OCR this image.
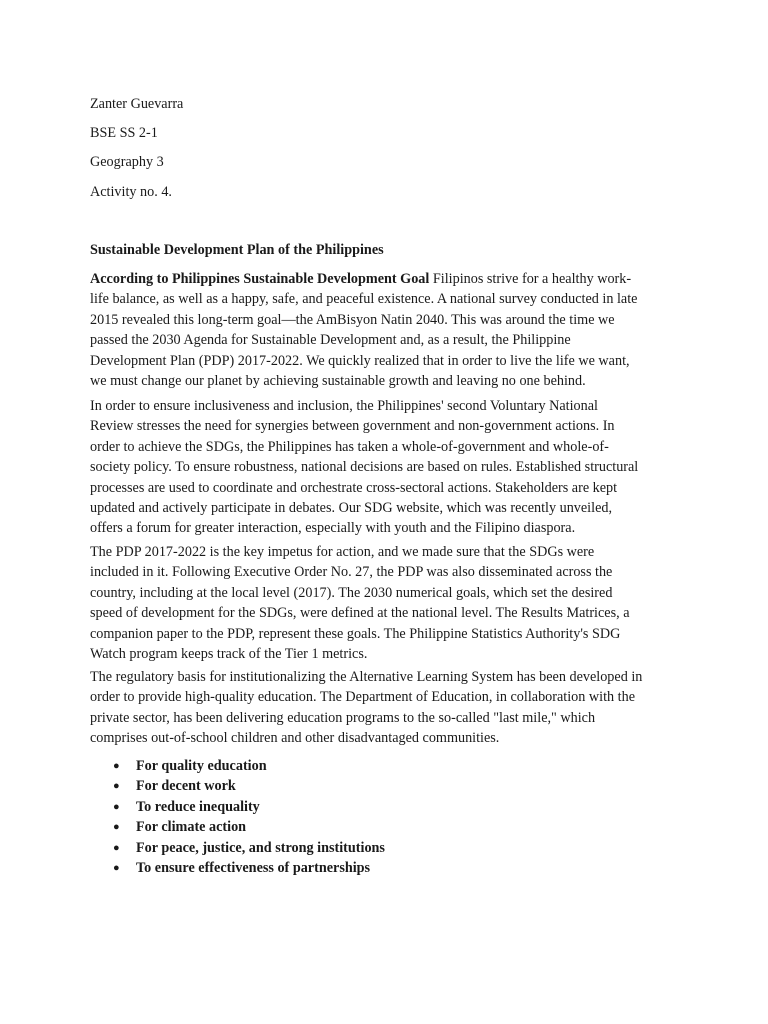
Zanter Guevarra

BSE SS 2-1

Geography 3

Activity no. 4.

Sustainable Development Plan of the Philippines

According to Philippines Sustainable Development Goal Filipinos strive for a healthy work-
life balance, as well as a happy, safe, and peaceful existence. A national survey conducted in late
2015 revealed this long-term goal—the AmBisyon Natin 2040. This was around the time we
passed the 2030 Agenda for Sustainable Development and, as a result, the Philippine
Development Plan (PDP) 2017-2022. We quickly realized that in order to live the life we want,
we must change our planet by achieving sustainable growth and leaving no one behind.

In order to ensure inclusiveness and inclusion, the Philippines' second Voluntary National
Review stresses the need for synergies between government and non-government actions. In
order to achieve the SDGs, the Philippines has taken a whole-of-government and whole-of-
society policy. To ensure robustness, national decisions are based on rules. Established structural
processes are used to coordinate and orchestrate cross-sectoral actions. Stakeholders are kept
updated and actively participate in debates. Our SDG website, which was recently unveiled,
offers a forum for greater interaction, especially with youth and the Filipino diaspora.

The PDP 2017-2022 is the key impetus for action, and we made sure that the SDGs were
included in it. Following Executive Order No. 27, the PDP was also disseminated across the
country, including at the local level (2017). The 2030 numerical goals, which set the desired
speed of development for the SDGs, were defined at the national level. The Results Matrices, a
companion paper to the PDP, represent these goals. The Philippine Statistics Authority's SDG
Watch program keeps track of the Tier 1 metrics.

The regulatory basis for institutionalizing the Alternative Learning System has been developed in
order to provide high-quality education. The Department of Education, in collaboration with the
private sector, has been delivering education programs to the so-called "last mile," which
comprises out-of-school children and other disadvantaged communities.

● For quality education
● For decent work
● To reduce inequality
● For climate action
● For peace, justice, and strong institutions
● To ensure effectiveness of partnerships
